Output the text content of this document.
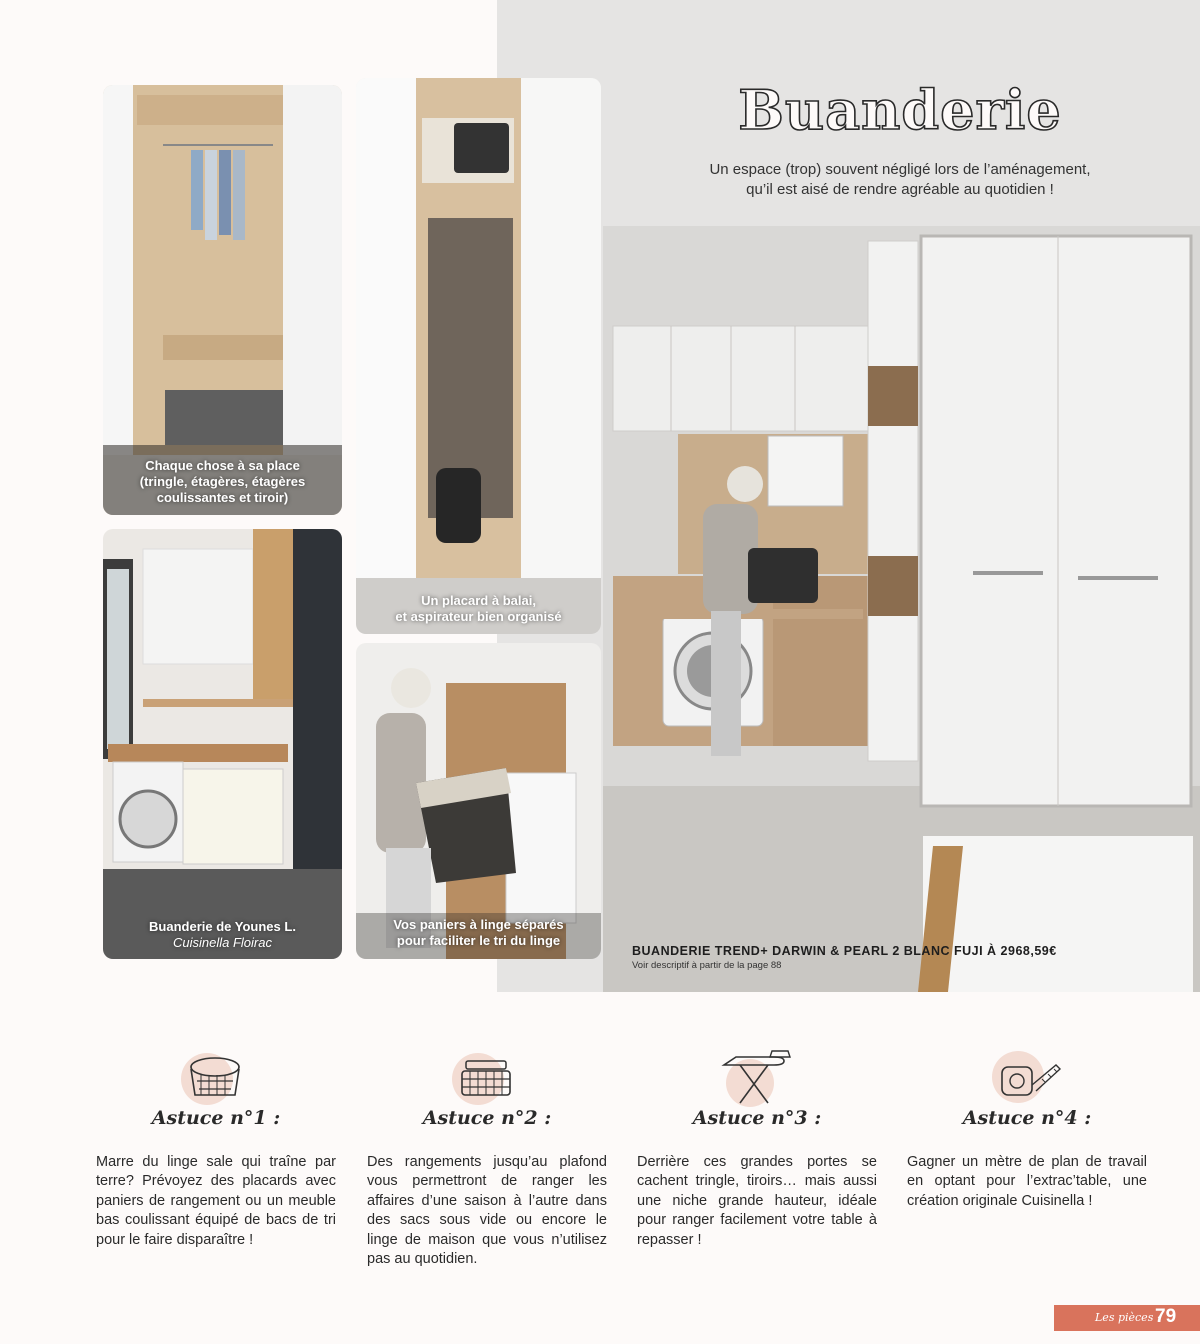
Buanderie
Un espace (trop) souvent négligé lors de l’aménagement,
qu’il est aisé de rendre agréable au quotidien !
BUANDERIE TREND+ DARWIN & PEARL 2 BLANC FUJI À 2968,59€
Voir descriptif à partir de la page 88
Chaque chose à sa place
(tringle, étagères, étagères
coulissantes et tiroir)
Un placard à balai,
et aspirateur bien organisé
Buanderie de Younes L.
Cuisinella Floirac
Vos paniers à linge séparés
pour faciliter le tri du linge
Astuce n°1 :

Marre du linge sale qui traîne par terre? Prévoyez des placards avec paniers de rangement ou un meuble bas coulissant équipé de bacs de tri pour le faire disparaître !

Astuce n°2 :

Des rangements jusqu’au plafond vous permettront de ranger les affaires d’une saison à l’autre dans des sacs sous vide ou encore le linge de maison que vous n’utilisez pas au quotidien.

Astuce n°3 :

Derrière ces grandes portes se cachent tringle, tiroirs… mais aussi une niche grande hauteur, idéale pour ranger facilement votre table à repasser !

Astuce n°4 :

Gagner un mètre de plan de travail en optant pour l’extrac’table, une création originale Cuisinella !

Les pièces ·
79
